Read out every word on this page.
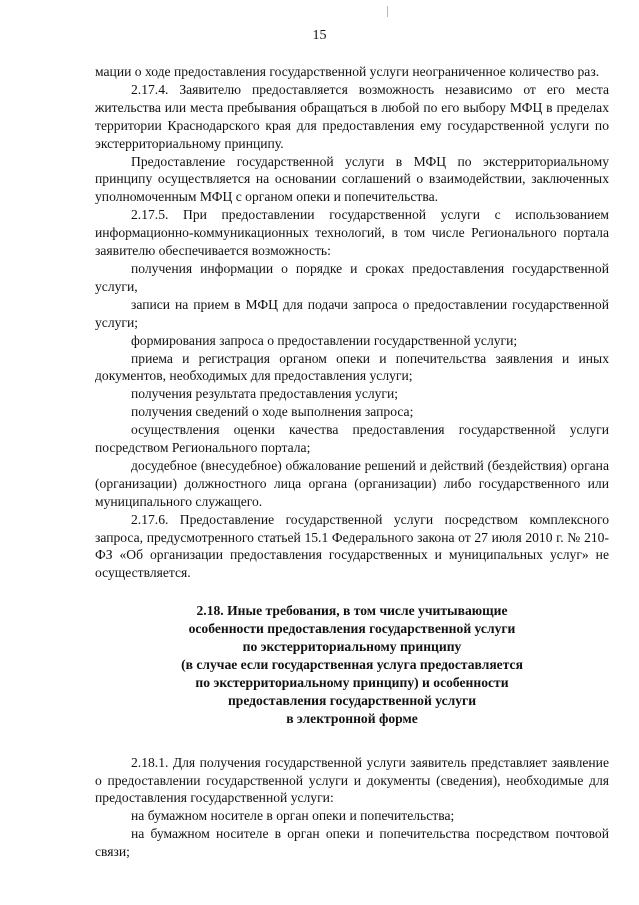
15

мации о ходе предоставления государственной услуги неограниченное количество раз.

2.17.4. Заявителю предоставляется возможность независимо от его места жительства или места пребывания обращаться в любой по его выбору МФЦ в пределах территории Краснодарского края для предоставления ему государственной услуги по экстерриториальному принципу.

Предоставление государственной услуги в МФЦ по экстерриториальному принципу осуществляется на основании соглашений о взаимодействии, заключенных уполномоченным МФЦ с органом опеки и попечительства.

2.17.5. При предоставлении государственной услуги с использованием информационно-коммуникационных технологий, в том числе Регионального портала заявителю обеспечивается возможность:

получения информации о порядке и сроках предоставления государственной услуги,

записи на прием в МФЦ для подачи запроса о предоставлении государственной услуги;

формирования запроса о предоставлении государственной услуги;

приема и регистрация органом опеки и попечительства заявления и иных документов, необходимых для предоставления услуги;

получения результата предоставления услуги;

получения сведений о ходе выполнения запроса;

осуществления оценки качества предоставления государственной услуги посредством Регионального портала;

досудебное (внесудебное) обжалование решений и действий (бездействия) органа (организации) должностного лица органа (организации) либо государственного или муниципального служащего.

2.17.6. Предоставление государственной услуги посредством комплексного запроса, предусмотренного статьей 15.1 Федерального закона от 27 июля 2010 г. № 210-ФЗ «Об организации предоставления государственных и муниципальных услуг» не осуществляется.

2.18. Иные требования, в том числе учитывающие
особенности предоставления государственной услуги
по экстерриториальному принципу
(в случае если государственная услуга предоставляется
по экстерриториальному принципу) и особенности
предоставления государственной услуги
в электронной форме

2.18.1. Для получения государственной услуги заявитель представляет заявление о предоставлении государственной услуги и документы (сведения), необходимые для предоставления государственной услуги:

на бумажном носителе в орган опеки и попечительства;

на бумажном носителе в орган опеки и попечительства посредством почтовой связи;
